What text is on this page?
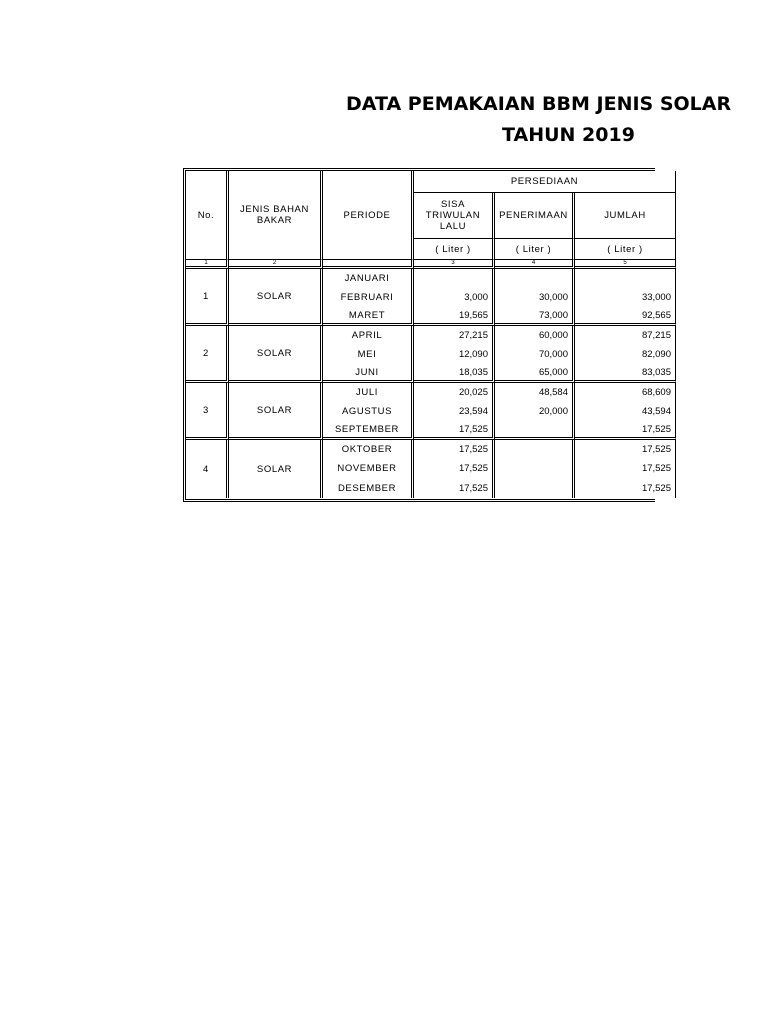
DATA PEMAKAIAN BBM JENIS SOLAR
TAHUN 2019
No.	JENIS BAHAN BAKAR	PERIODE	PERSEDIAAN		
			SISA TRIWULAN LALU	PENERIMAAN	JUMLAH
			( Liter )	( Liter )	( Liter )
1	2		3	4	5
1	SOLAR	JANUARI			
		FEBRUARI	3,000	30,000	33,000
		MARET	19,565	73,000	92,565
2	SOLAR	APRIL	27,215	60,000	87,215
		MEI	12,090	70,000	82,090
		JUNI	18,035	65,000	83,035
3	SOLAR	JULI	20,025	48,584	68,609
		AGUSTUS	23,594	20,000	43,594
		SEPTEMBER	17,525		17,525
4	SOLAR	OKTOBER	17,525		17,525
		NOVEMBER	17,525		17,525
		DESEMBER	17,525		17,525
